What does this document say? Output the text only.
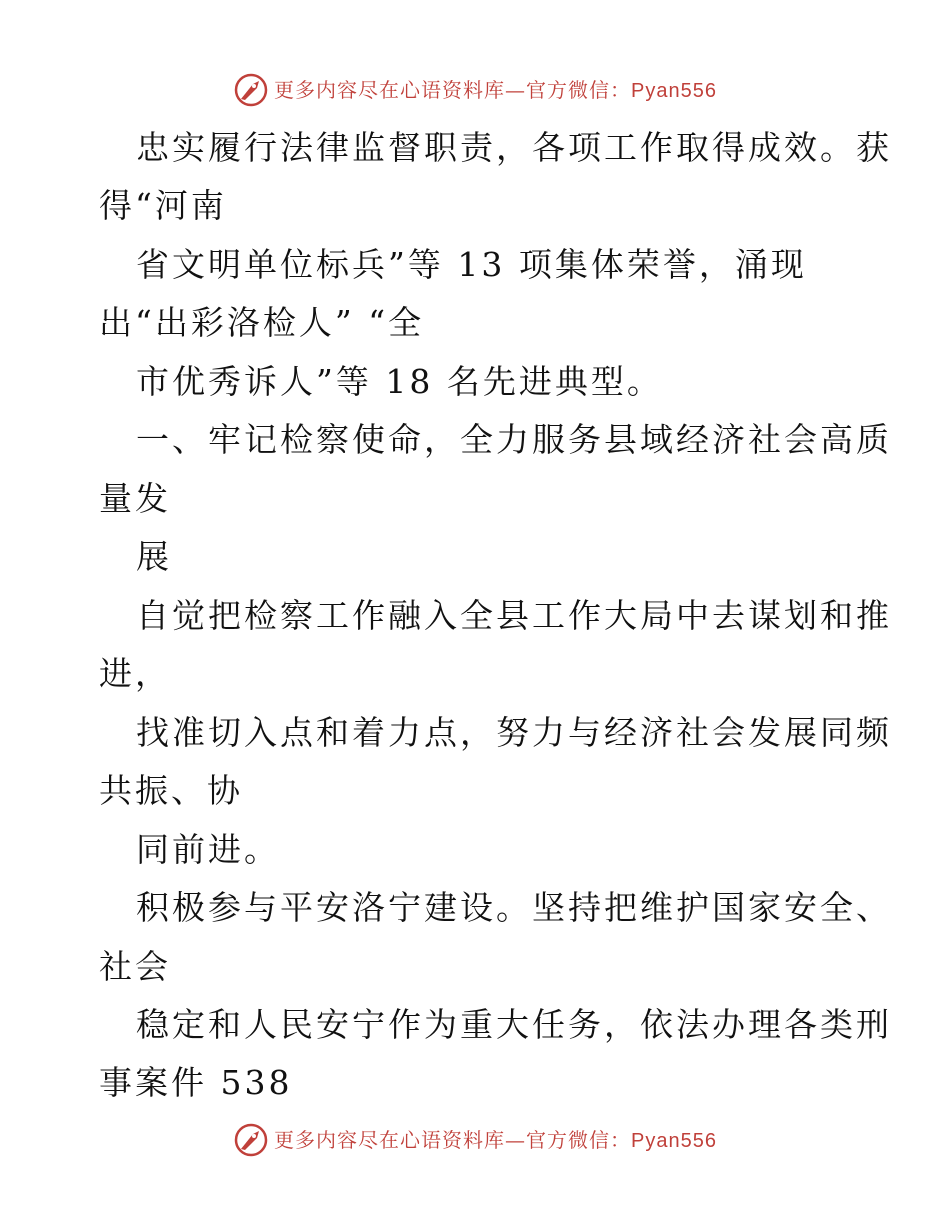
更多内容尽在心语资料库—官方微信：Pyan556
忠实履行法律监督职责，各项工作取得成效。获
得“河南
省文明单位标兵”等 13 项集体荣誉，涌现
出“出彩洛检人” “全
市优秀诉人”等 18 名先进典型。
一、牢记检察使命，全力服务县域经济社会高质
量发
展
自觉把检察工作融入全县工作大局中去谋划和推
进，
找准切入点和着力点，努力与经济社会发展同频
共振、协
同前进。
积极参与平安洛宁建设。坚持把维护国家安全、
社会
稳定和人民安宁作为重大任务，依法办理各类刑
事案件 538
更多内容尽在心语资料库—官方微信：Pyan556
